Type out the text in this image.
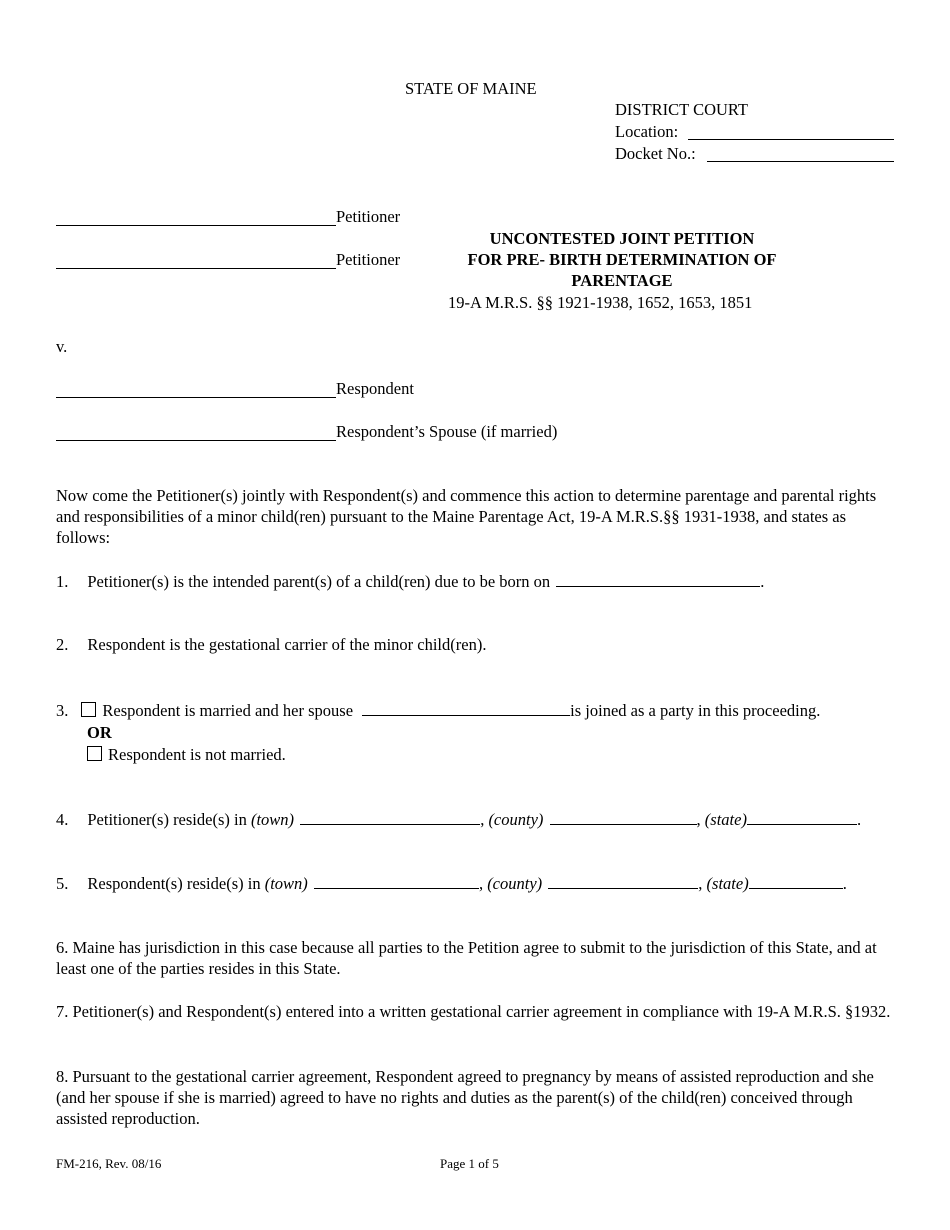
STATE OF MAINE
DISTRICT COURT
Location:
Docket No.:
Petitioner
Petitioner
v.
Respondent
Respondent’s Spouse (if married)
UNCONTESTED JOINT PETITION
FOR PRE- BIRTH DETERMINATION OF
PARENTAGE
19-A M.R.S. §§ 1921-1938, 1652, 1653, 1851
Now come the Petitioner(s) jointly with Respondent(s) and commence this action to determine parentage and parental rights and responsibilities of a minor child(ren) pursuant to the Maine Parentage Act, 19-A M.R.S.§§ 1931-1938, and states as follows:
1. Petitioner(s) is the intended parent(s) of a child(ren) due to be born on	.
2. Respondent is the gestational carrier of the minor child(ren).
3. Respondent is married and her spouse	is joined as a party in this proceeding.
OR
Respondent is not married.
4. Petitioner(s) reside(s) in (town)	, (county)	, (state)	.
5. Respondent(s) reside(s) in (town)	, (county)	, (state)	.
6. Maine has jurisdiction in this case because all parties to the Petition agree to submit to the jurisdiction of this State, and at least one of the parties resides in this State.
7. Petitioner(s) and Respondent(s) entered into a written gestational carrier agreement in compliance with 19-A M.R.S. §1932.
8. Pursuant to the gestational carrier agreement, Respondent agreed to pregnancy by means of assisted reproduction and she (and her spouse if she is married) agreed to have no rights and duties as the parent(s) of the child(ren) conceived through assisted reproduction.
FM-216, Rev. 08/16	Page 1 of 5
